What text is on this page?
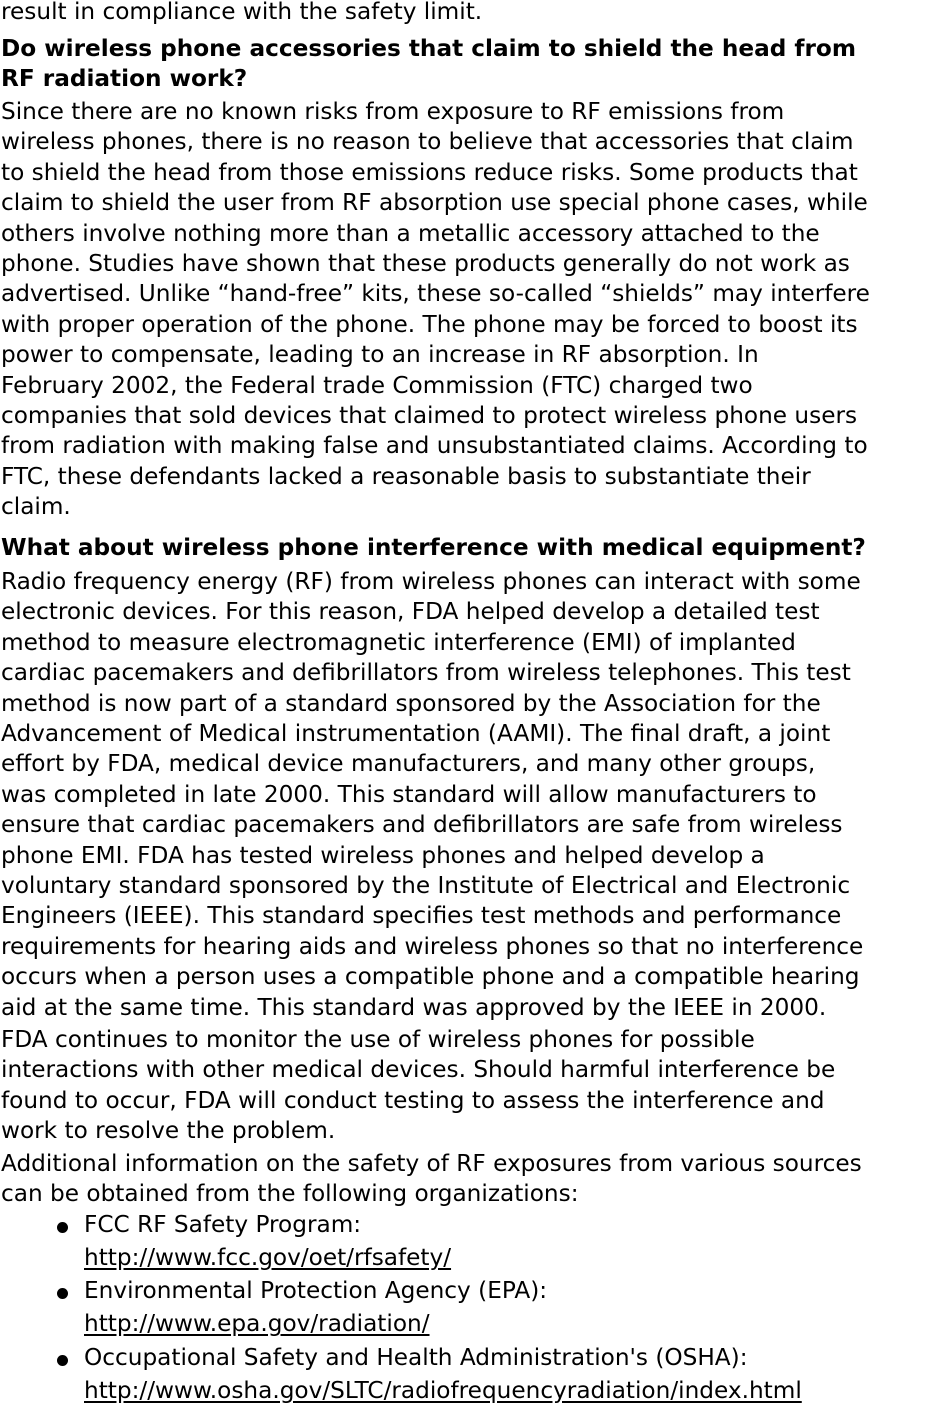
result in compliance with the safety limit.

Do wireless phone accessories that claim to shield the head from
RF radiation work?

Since there are no known risks from exposure to RF emissions from
wireless phones, there is no reason to believe that accessories that claim
to shield the head from those emissions reduce risks. Some products that
claim to shield the user from RF absorption use special phone cases, while
others involve nothing more than a metallic accessory attached to the
phone. Studies have shown that these products generally do not work as
advertised. Unlike “hand-free” kits, these so-called “shields” may interfere
with proper operation of the phone. The phone may be forced to boost its
power to compensate, leading to an increase in RF absorption. In
February 2002, the Federal trade Commission (FTC) charged two
companies that sold devices that claimed to protect wireless phone users
from radiation with making false and unsubstantiated claims. According to
FTC, these defendants lacked a reasonable basis to substantiate their
claim.

What about wireless phone interference with medical equipment?

Radio frequency energy (RF) from wireless phones can interact with some
electronic devices. For this reason, FDA helped develop a detailed test
method to measure electromagnetic interference (EMI) of implanted
cardiac pacemakers and defibrillators from wireless telephones. This test
method is now part of a standard sponsored by the Association for the
Advancement of Medical instrumentation (AAMI). The final draft, a joint
effort by FDA, medical device manufacturers, and many other groups,
was completed in late 2000. This standard will allow manufacturers to
ensure that cardiac pacemakers and defibrillators are safe from wireless
phone EMI. FDA has tested wireless phones and helped develop a
voluntary standard sponsored by the Institute of Electrical and Electronic
Engineers (IEEE). This standard specifies test methods and performance
requirements for hearing aids and wireless phones so that no interference
occurs when a person uses a compatible phone and a compatible hearing
aid at the same time. This standard was approved by the IEEE in 2000.

FDA continues to monitor the use of wireless phones for possible
interactions with other medical devices. Should harmful interference be
found to occur, FDA will conduct testing to assess the interference and
work to resolve the problem.

Additional information on the safety of RF exposures from various sources
can be obtained from the following organizations:

FCC RF Safety Program:
http://www.fcc.gov/oet/rfsafety/
Environmental Protection Agency (EPA):
http://www.epa.gov/radiation/
Occupational Safety and Health Administration's (OSHA):
http://www.osha.gov/SLTC/radiofrequencyradiation/index.html
